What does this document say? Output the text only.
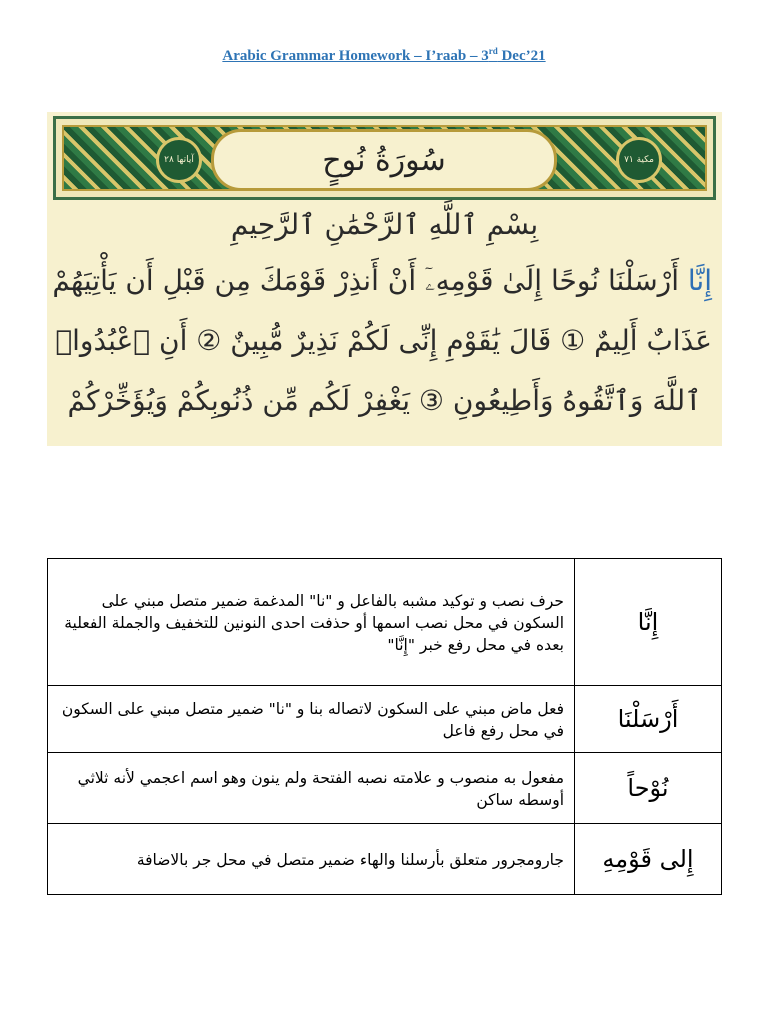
Arabic Grammar Homework – I’raab – 3rd Dec’21
آياتها ٢٨	سُورَةُ نُوحٍ	مكية ٧١
بِسْمِ ٱللَّهِ ٱلرَّحْمَٰنِ ٱلرَّحِيمِ
إِنَّا أَرْسَلْنَا نُوحًا إِلَىٰ قَوْمِهِۦٓ أَنْ أَنذِرْ قَوْمَكَ مِن قَبْلِ أَن يَأْتِيَهُمْ
عَذَابٌ أَلِيمٌ ① قَالَ يَٰقَوْمِ إِنِّى لَكُمْ نَذِيرٌ مُّبِينٌ ② أَنِ ٱعْبُدُوا۟
ٱللَّهَ وَٱتَّقُوهُ وَأَطِيعُونِ ③ يَغْفِرْ لَكُم مِّن ذُنُوبِكُمْ وَيُؤَخِّرْكُمْ
حرف نصب و توكيد مشبه بالفاعل و "نا" المدغمة ضمير متصل مبني على السكون في محل نصب اسمها أو حذفت احدى النونين للتخفيف والجملة الفعلية بعده في محل رفع خبر "إِنَّا"	إِنَّا
فعل ماض مبني على السكون لاتصاله بنا و "نا" ضمير متصل مبني على السكون في محل رفع فاعل	أَرْسَلْنَا
مفعول به منصوب و علامته نصبه الفتحة ولم ينون وهو اسم اعجمي لأنه ثلاثي أوسطه ساكن	نُوْحاً
جارومجرور متعلق بأرسلنا والهاء ضمير متصل في محل جر بالاضافة	إِلى قَوْمِهِ
